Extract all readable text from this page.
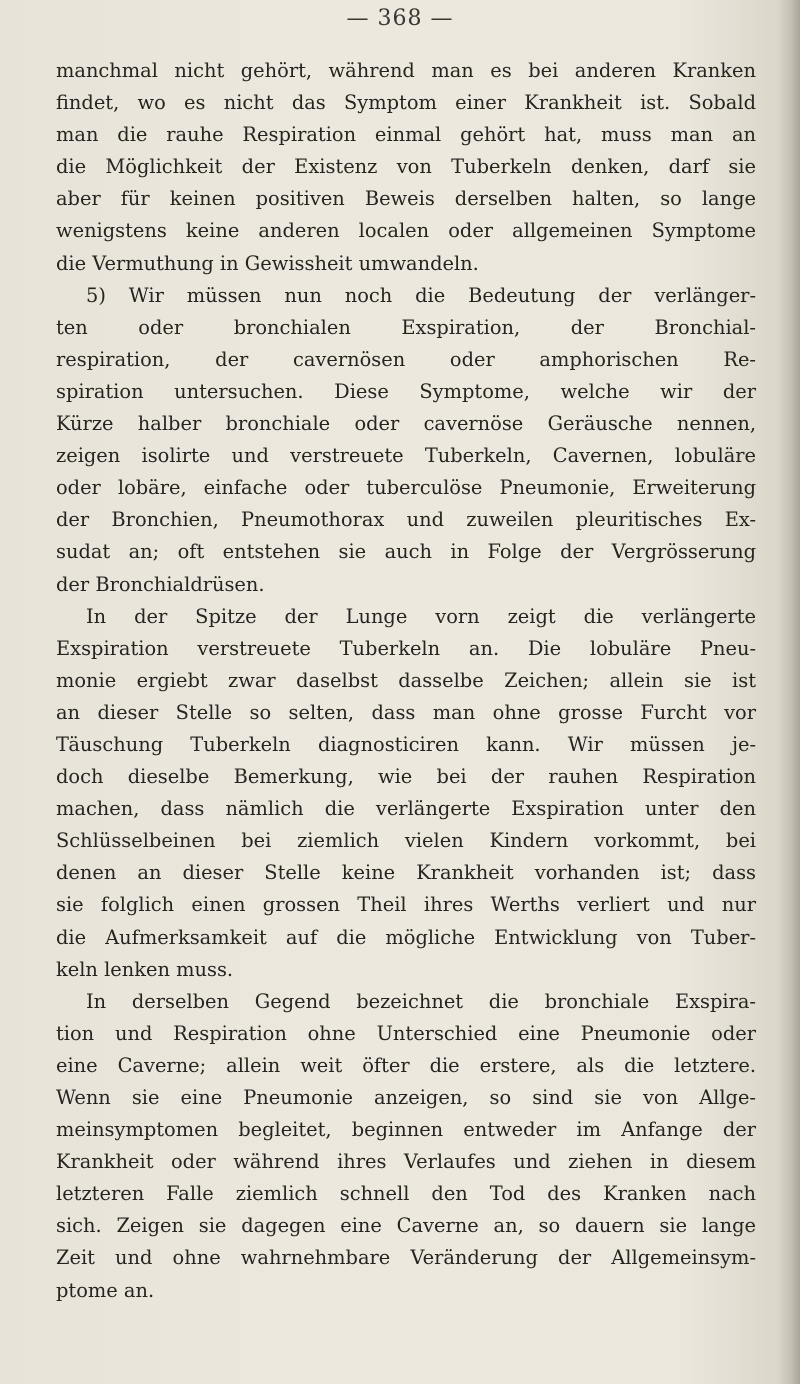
— 368 —
manchmal nicht gehört, während man es bei anderen Kranken
findet, wo es nicht das Symptom einer Krankheit ist. Sobald
man die rauhe Respiration einmal gehört hat, muss man an
die Möglichkeit der Existenz von Tuberkeln denken, darf sie
aber für keinen positiven Beweis derselben halten, so lange
wenigstens keine anderen localen oder allgemeinen Symptome
die Vermuthung in Gewissheit umwandeln.
5) Wir müssen nun noch die Bedeutung der verlänger-
ten oder bronchialen Exspiration, der Bronchial-
respiration, der cavernösen oder amphorischen Re-
spiration untersuchen. Diese Symptome, welche wir der
Kürze halber bronchiale oder cavernöse Geräusche nennen,
zeigen isolirte und verstreuete Tuberkeln, Cavernen, lobuläre
oder lobäre, einfache oder tuberculöse Pneumonie, Erweiterung
der Bronchien, Pneumothorax und zuweilen pleuritisches Ex-
sudat an; oft entstehen sie auch in Folge der Vergrösserung
der Bronchialdrüsen.
In der Spitze der Lunge vorn zeigt die verlängerte
Exspiration verstreuete Tuberkeln an. Die lobuläre Pneu-
monie ergiebt zwar daselbst dasselbe Zeichen; allein sie ist
an dieser Stelle so selten, dass man ohne grosse Furcht vor
Täuschung Tuberkeln diagnosticiren kann. Wir müssen je-
doch dieselbe Bemerkung, wie bei der rauhen Respiration
machen, dass nämlich die verlängerte Exspiration unter den
Schlüsselbeinen bei ziemlich vielen Kindern vorkommt, bei
denen an dieser Stelle keine Krankheit vorhanden ist; dass
sie folglich einen grossen Theil ihres Werths verliert und nur
die Aufmerksamkeit auf die mögliche Entwicklung von Tuber-
keln lenken muss.
In derselben Gegend bezeichnet die bronchiale Exspira-
tion und Respiration ohne Unterschied eine Pneumonie oder
eine Caverne; allein weit öfter die erstere, als die letztere.
Wenn sie eine Pneumonie anzeigen, so sind sie von Allge-
meinsymptomen begleitet, beginnen entweder im Anfange der
Krankheit oder während ihres Verlaufes und ziehen in diesem
letzteren Falle ziemlich schnell den Tod des Kranken nach
sich. Zeigen sie dagegen eine Caverne an, so dauern sie lange
Zeit und ohne wahrnehmbare Veränderung der Allgemeinsym-
ptome an.
